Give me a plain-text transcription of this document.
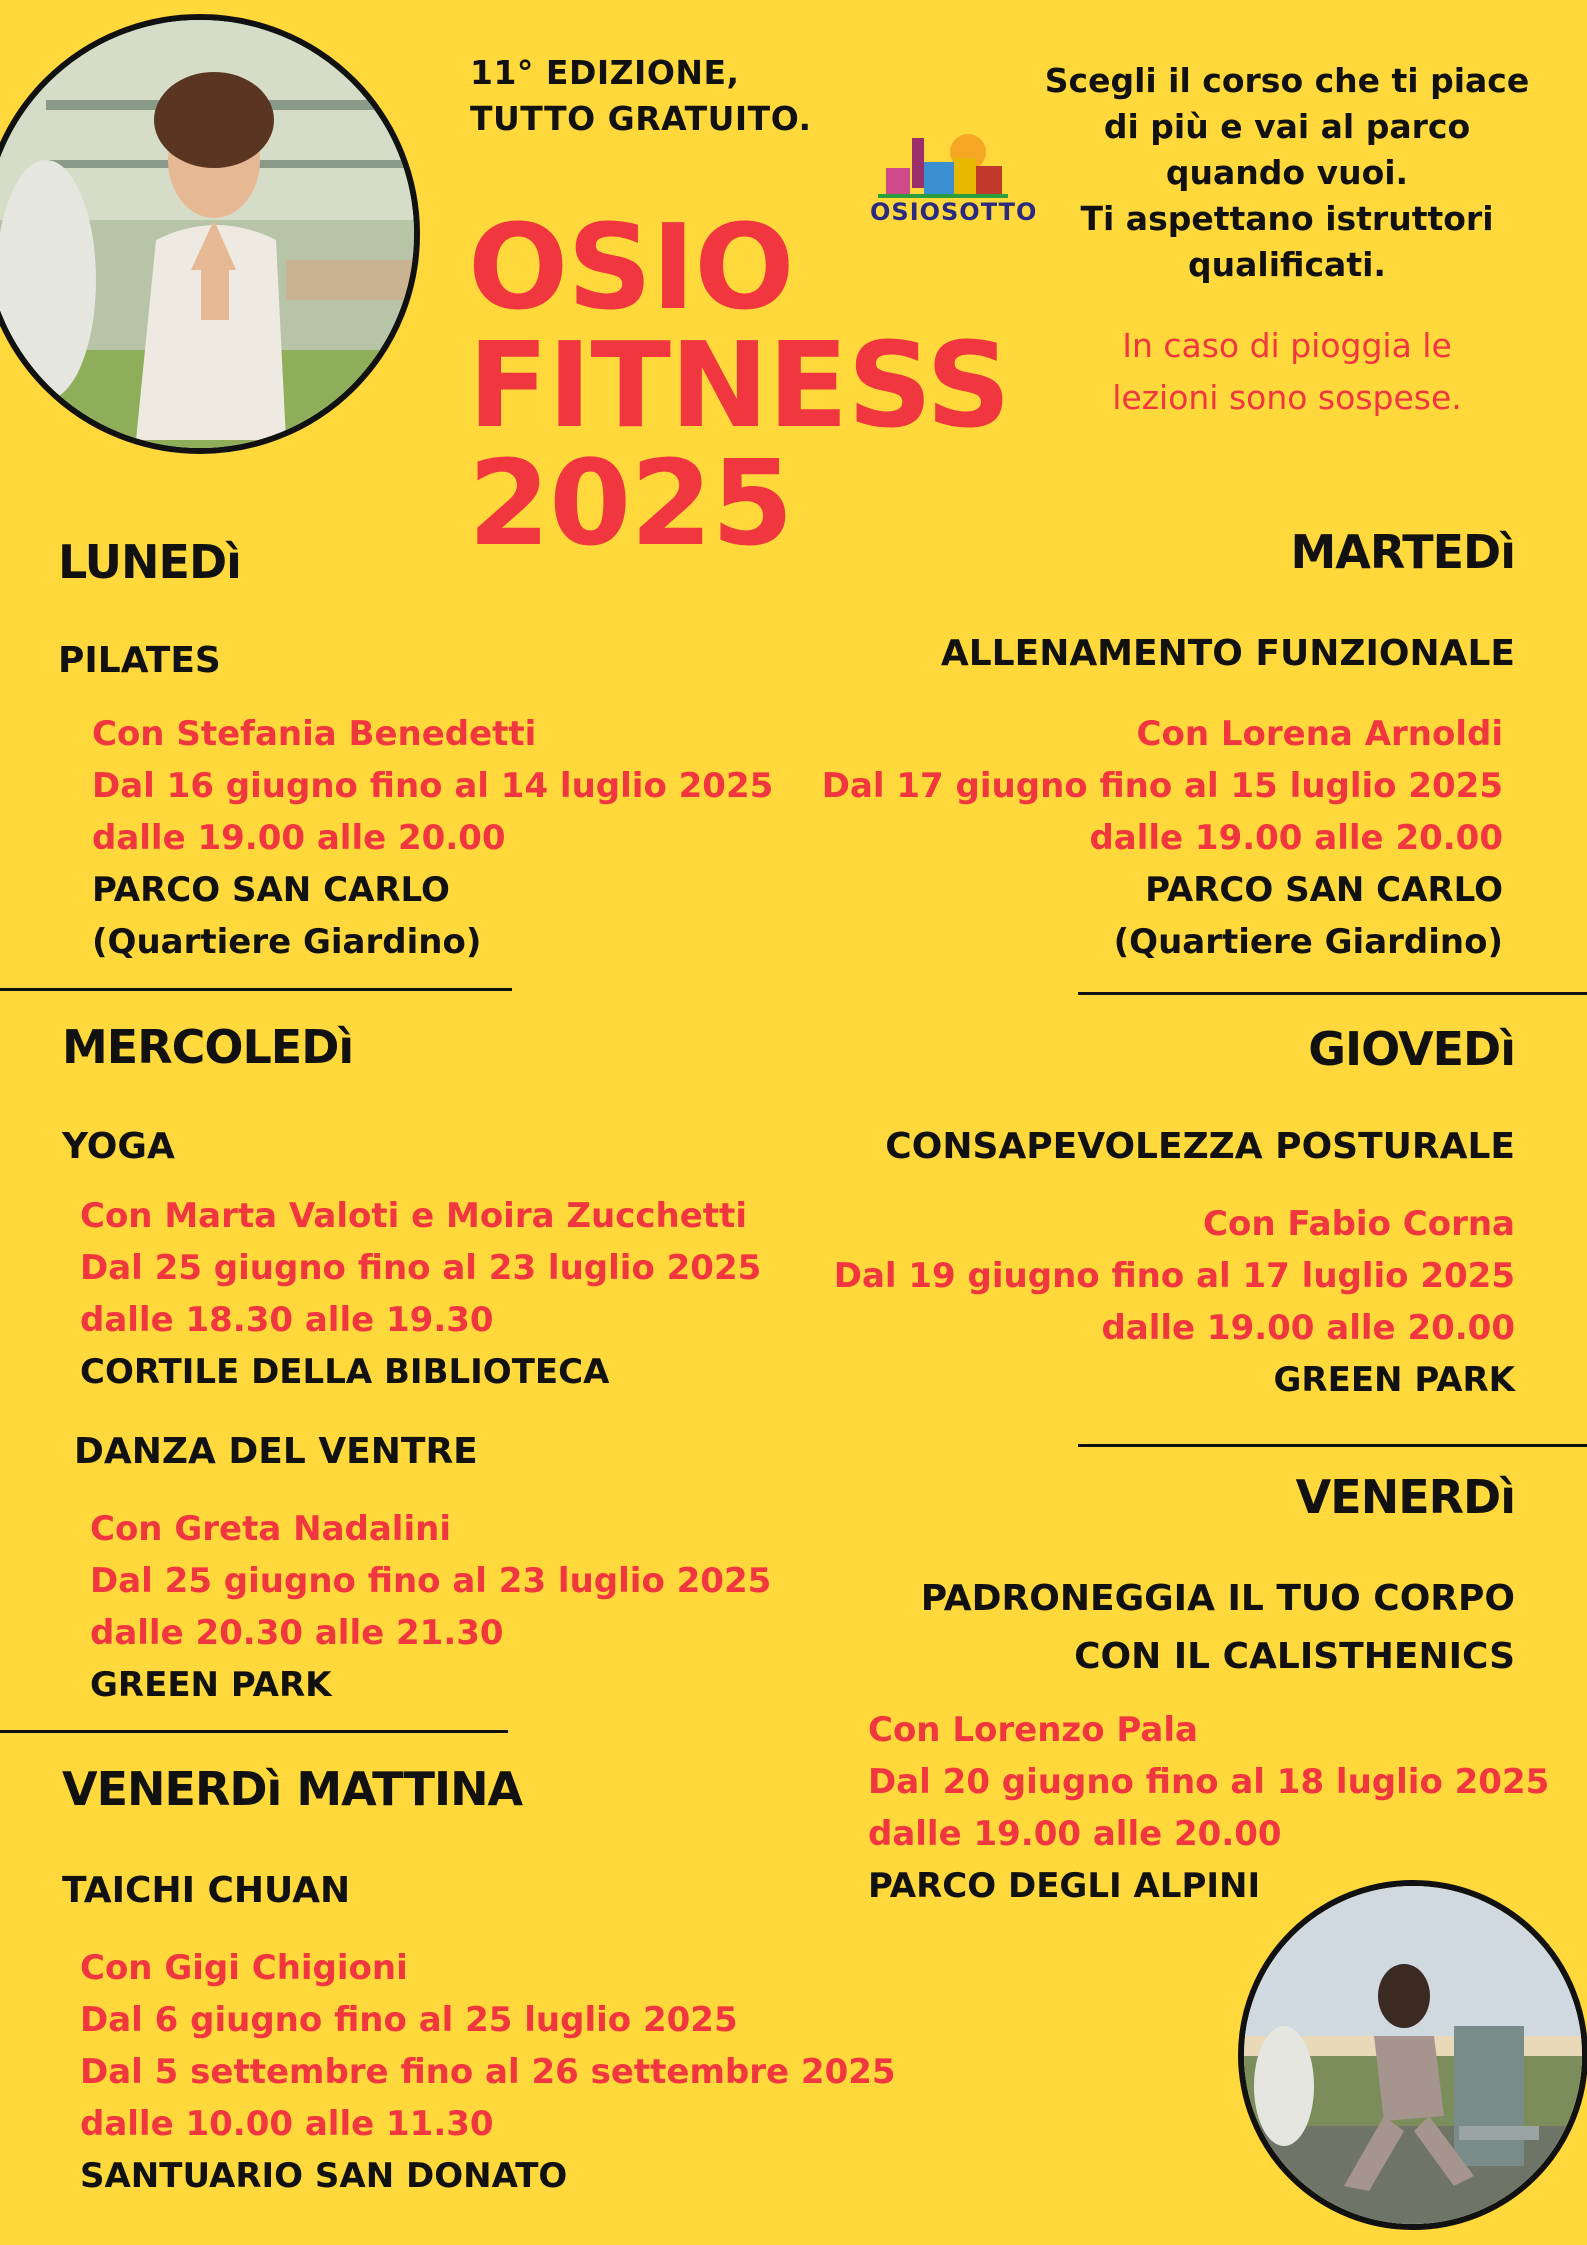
11° EDIZIONE,
TUTTO GRATUITO.
OSIOSOTTO
OSIO
FITNESS
2025
Scegli il corso che ti piace
di più e vai al parco
quando vuoi.
Ti aspettano istruttori
qualificati.
In caso di pioggia le
lezioni sono sospese.
LUNEDì
PILATES
Con Stefania Benedetti
Dal 16 giugno fino al 14 luglio 2025
dalle 19.00 alle 20.00
PARCO SAN CARLO
(Quartiere Giardino)
MARTEDì
ALLENAMENTO FUNZIONALE
Con Lorena Arnoldi
Dal 17 giugno fino al 15 luglio 2025
dalle 19.00 alle 20.00
PARCO SAN CARLO
(Quartiere Giardino)
MERCOLEDì
YOGA
Con Marta Valoti e Moira Zucchetti
Dal 25 giugno fino al 23 luglio 2025
dalle 18.30 alle 19.30
CORTILE DELLA BIBLIOTECA
DANZA DEL VENTRE
Con Greta Nadalini
Dal 25 giugno fino al 23 luglio 2025
dalle 20.30 alle 21.30
GREEN PARK
GIOVEDì
CONSAPEVOLEZZA POSTURALE
Con Fabio Corna
Dal 19 giugno fino al 17 luglio 2025
dalle 19.00 alle 20.00
GREEN PARK
VENERDì
PADRONEGGIA IL TUO CORPO
CON IL CALISTHENICS
Con Lorenzo Pala
Dal 20 giugno fino al 18 luglio 2025
dalle 19.00 alle 20.00
PARCO DEGLI ALPINI
VENERDì MATTINA
TAICHI CHUAN
Con Gigi Chigioni
Dal 6 giugno fino al 25 luglio 2025
Dal 5 settembre fino al 26 settembre 2025
dalle 10.00 alle 11.30
SANTUARIO SAN DONATO
